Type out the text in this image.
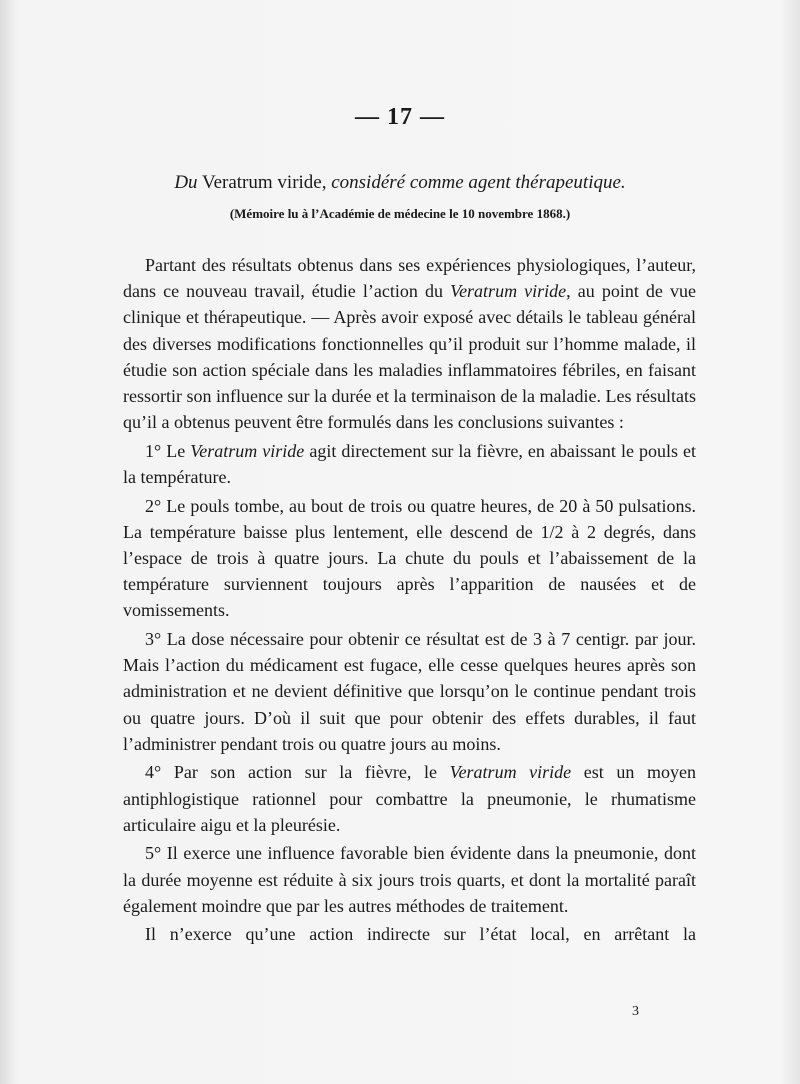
— 17 —
Du Veratrum viride, considéré comme agent thérapeutique.
(Mémoire lu à l’Académie de médecine le 10 novembre 1868.)

Partant des résultats obtenus dans ses expériences physiologiques, l’auteur, dans ce nouveau travail, étudie l’action du Veratrum viride, au point de vue clinique et thérapeutique. — Après avoir exposé avec détails le tableau général des diverses modifications fonctionnelles qu’il produit sur l’homme malade, il étudie son action spéciale dans les maladies inflammatoires fébriles, en faisant ressortir son influence sur la durée et la terminaison de la maladie. Les résultats qu’il a obtenus peuvent être formulés dans les conclusions suivantes :

1° Le Veratrum viride agit directement sur la fièvre, en abaissant le pouls et la température.

2° Le pouls tombe, au bout de trois ou quatre heures, de 20 à 50 pulsations. La température baisse plus lentement, elle descend de 1/2 à 2 degrés, dans l’espace de trois à quatre jours. La chute du pouls et l’abaissement de la température surviennent toujours après l’apparition de nausées et de vomissements.

3° La dose nécessaire pour obtenir ce résultat est de 3 à 7 centigr. par jour. Mais l’action du médicament est fugace, elle cesse quelques heures après son administration et ne devient définitive que lorsqu’on le continue pendant trois ou quatre jours. D’où il suit que pour obtenir des effets durables, il faut l’administrer pendant trois ou quatre jours au moins.

4° Par son action sur la fièvre, le Veratrum viride est un moyen antiphlogistique rationnel pour combattre la pneumonie, le rhumatisme articulaire aigu et la pleurésie.

5° Il exerce une influence favorable bien évidente dans la pneumonie, dont la durée moyenne est réduite à six jours trois quarts, et dont la mortalité paraît également moindre que par les autres méthodes de traitement.

Il n’exerce qu’une action indirecte sur l’état local, en arrêtant la

3
